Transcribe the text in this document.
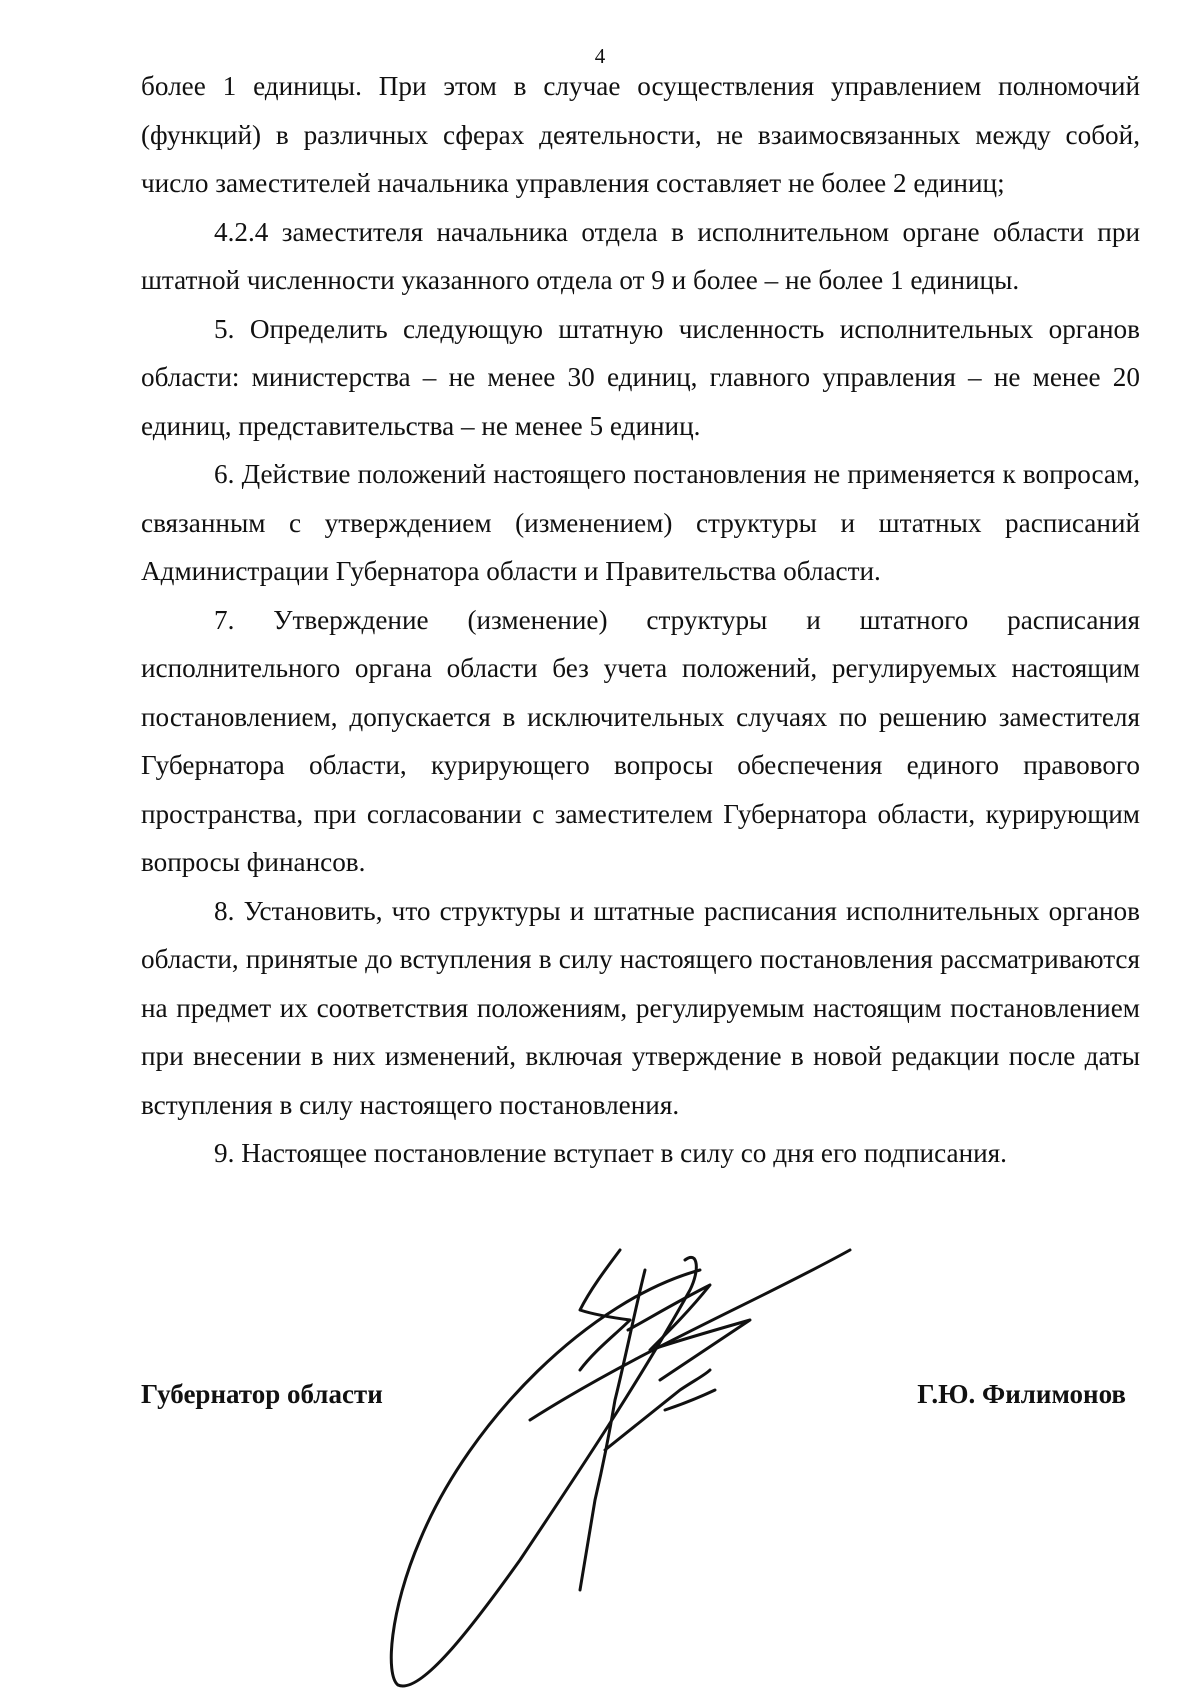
4

более 1 единицы. При этом в случае осуществления управлением полномочий (функций) в различных сферах деятельности, не взаимосвязанных между собой, число заместителей начальника управления составляет не более 2 единиц;

4.2.4 заместителя начальника отдела в исполнительном органе области при штатной численности указанного отдела от 9 и более – не более 1 единицы.

5. Определить следующую штатную численность исполнительных органов области: министерства – не менее 30 единиц, главного управления – не менее 20 единиц, представительства – не менее 5 единиц.

6. Действие положений настоящего постановления не применяется к вопросам, связанным с утверждением (изменением) структуры и штатных расписаний Администрации Губернатора области и Правительства области.

7. Утверждение (изменение) структуры и штатного расписания исполнительного органа области без учета положений, регулируемых настоящим постановлением, допускается в исключительных случаях по решению заместителя Губернатора области, курирующего вопросы обеспечения единого правового пространства, при согласовании с заместителем Губернатора области, курирующим вопросы финансов.

8. Установить, что структуры и штатные расписания исполнительных органов области, принятые до вступления в силу настоящего постановления рассматриваются на предмет их соответствия положениям, регулируемым настоящим постановлением при внесении в них изменений, включая утверждение в новой редакции после даты вступления в силу настоящего постановления.

9. Настоящее постановление вступает в силу со дня его подписания.

Губернатор области	Г.Ю. Филимонов
